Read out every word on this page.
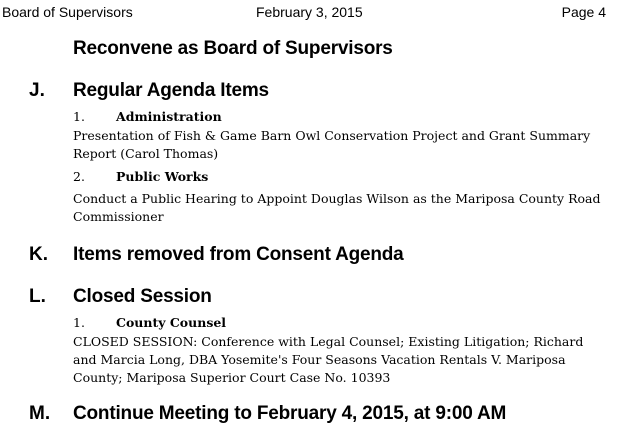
Board of Supervisors	February 3, 2015	Page 4
Reconvene as Board of Supervisors
J. Regular Agenda Items
1. Administration
Presentation of Fish & Game Barn Owl Conservation Project and Grant Summary Report (Carol Thomas)
2. Public Works
Conduct a Public Hearing to Appoint Douglas Wilson as the Mariposa County Road Commissioner
K. Items removed from Consent Agenda
L. Closed Session
1. County Counsel
CLOSED SESSION: Conference with Legal Counsel; Existing Litigation; Richard and Marcia Long, DBA Yosemite's Four Seasons Vacation Rentals V. Mariposa County; Mariposa Superior Court Case No. 10393
M. Continue Meeting to February 4, 2015, at 9:00 AM
